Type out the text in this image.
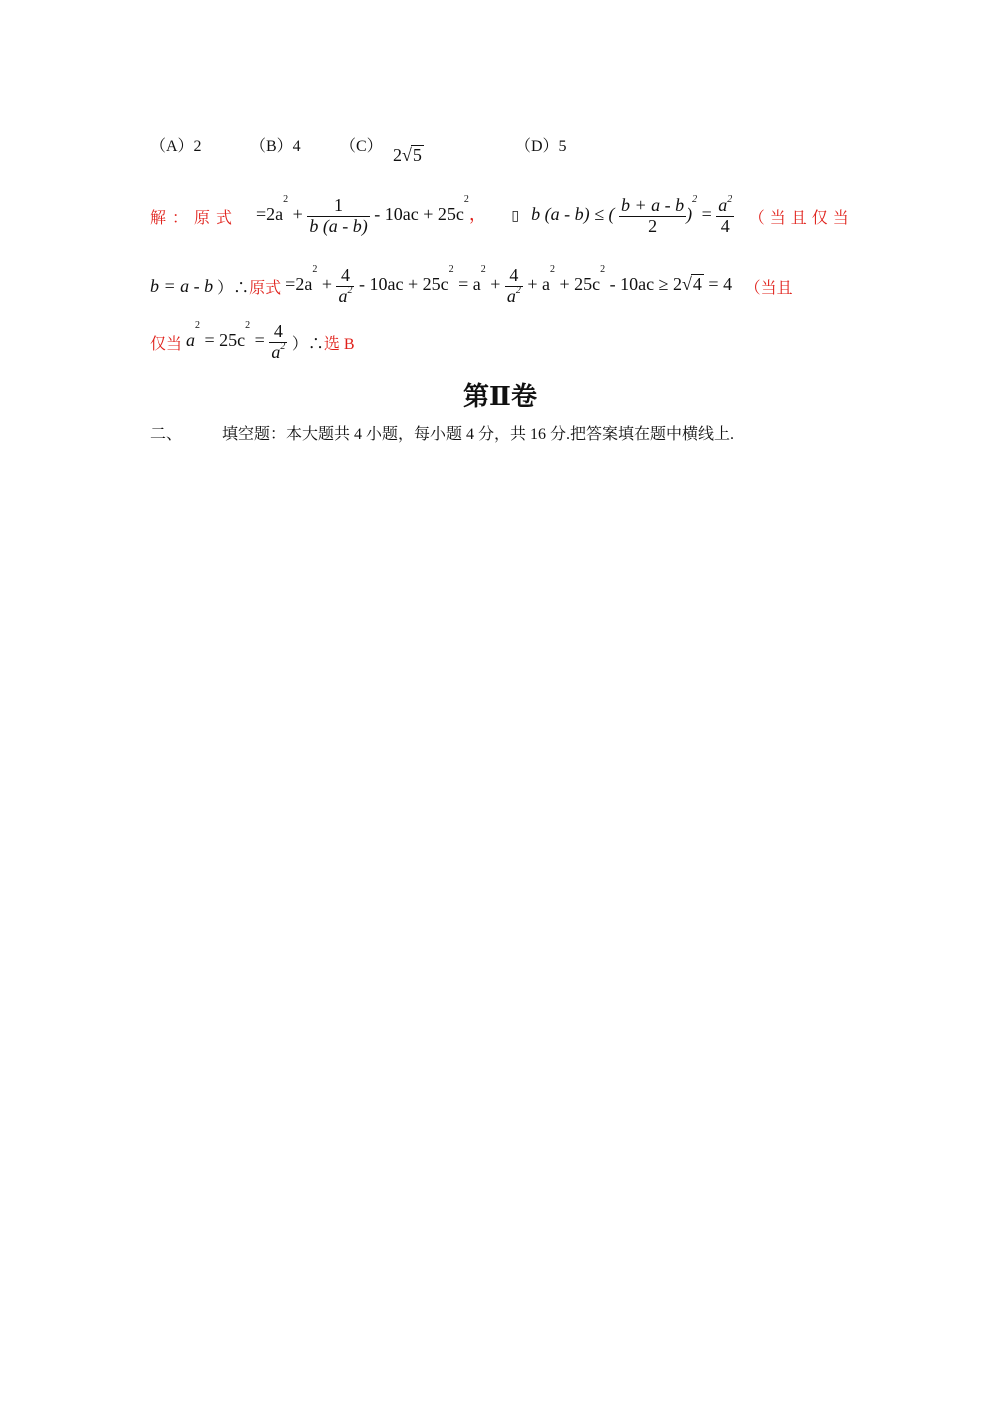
（A）2	（B）4 （C）	（D）5
2√5
解：原式 $=2a^2 + \frac{1}{b (a - b)} - 10ac + 25c^2$， ▯ b (a - b) ≤ ( $\frac{b + a - b}{2} )^2 = \frac{a^2}{4}$ （当且仅当
b = a - b ）∴原式 $=2a^2 + \frac{4}{a^2} - 10ac + 25c^2 = a^2 + \frac{4}{a^2} + a^2 + 25c^2 - 10ac \ge 2√4 = 4$ （当且
仅当 $a^2 = 25c^2 = \frac{4}{a^2}$ ）∴选 B
第Ⅱ卷
二、 填空题：本大题共 4 小题，每小题 4 分，共 16 分.把答案填在题中横线上.
